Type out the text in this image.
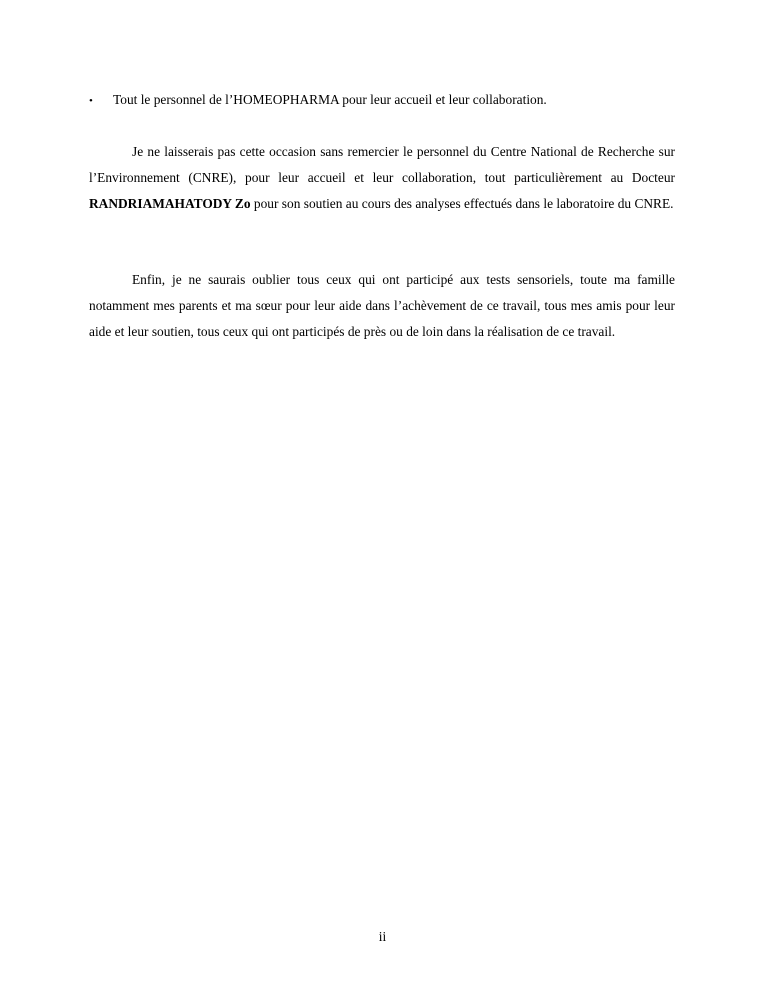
• Tout le personnel de l’HOMEOPHARMA pour leur accueil et leur collaboration.

Je ne laisserais pas cette occasion sans remercier le personnel du Centre National de Recherche sur l’Environnement (CNRE), pour leur accueil et leur collaboration, tout particulièrement au Docteur RANDRIAMAHATODY Zo pour son soutien au cours des analyses effectués dans le laboratoire du CNRE.

Enfin, je ne saurais oublier tous ceux qui ont participé aux tests sensoriels, toute ma famille notamment mes parents et ma sœur pour leur aide dans l’achèvement de ce travail, tous mes amis pour leur aide et leur soutien, tous ceux qui ont participés de près ou de loin dans la réalisation de ce travail.

ii
